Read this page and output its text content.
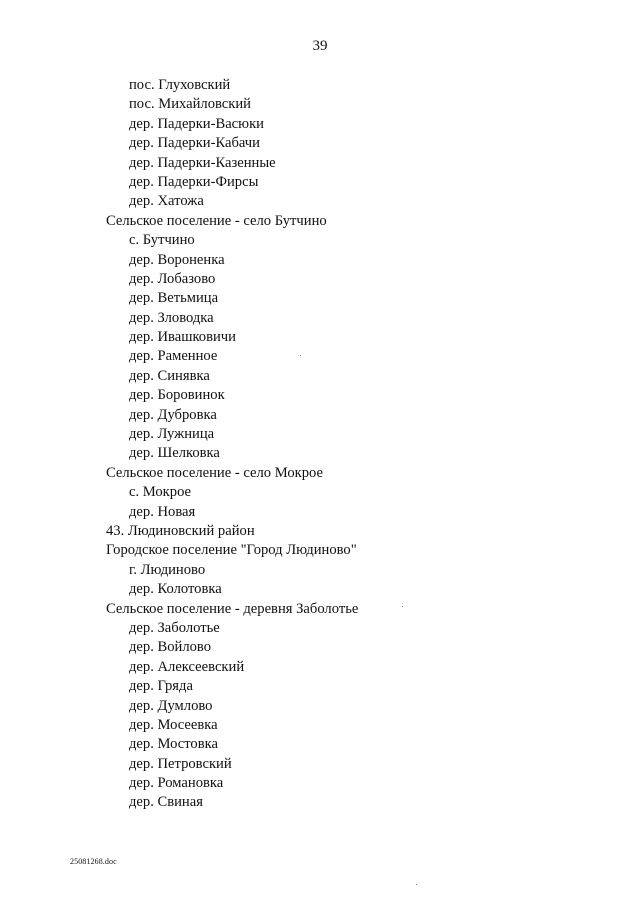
39
пос. Глуховский
пос. Михайловский
дер. Падерки-Васюки
дер. Падерки-Кабачи
дер. Падерки-Казенные
дер. Падерки-Фирсы
дер. Хатожа
Сельское поселение - село Бутчино
с. Бутчино
дер. Вороненка
дер. Лобазово
дер. Ветьмица
дер. Зловодка
дер. Ивашковичи
дер. Раменное
дер. Синявка
дер. Боровинок
дер. Дубровка
дер. Лужница
дер. Шелковка
Сельское поселение - село Мокрое
с. Мокрое
дер. Новая
43. Людиновский район
Городское поселение "Город Людиново"
г. Людиново
дер. Колотовка
Сельское поселение - деревня Заболотье
дер. Заболотье
дер. Войлово
дер. Алексеевский
дер. Гряда
дер. Думлово
дер. Мосеевка
дер. Мостовка
дер. Петровский
дер. Романовка
дер. Свиная
25081268.doc
